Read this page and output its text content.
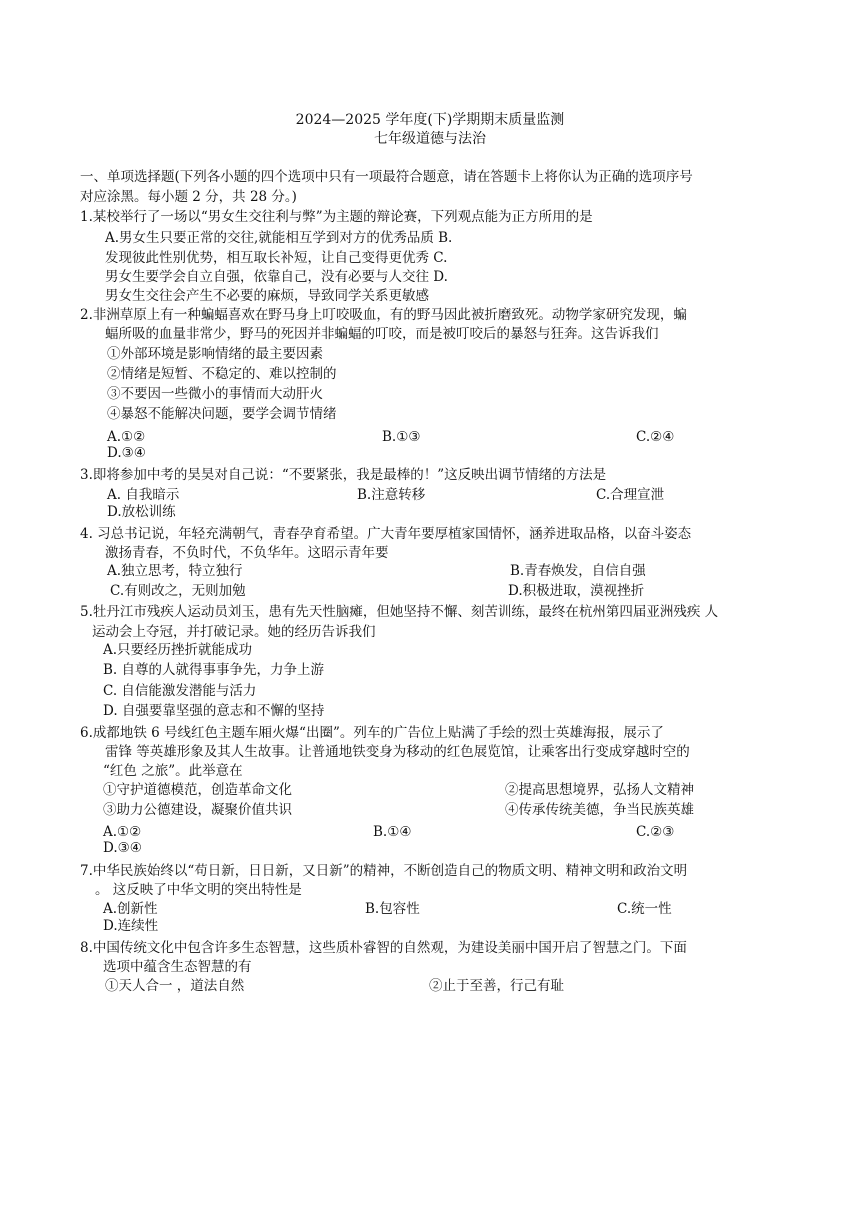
2024—2025 学年度(下)学期期末质量监测
七年级道德与法治
一、单项选择题(下列各小题的四个选项中只有一项最符合题意，请在答题卡上将你认为正确的选项序号
对应涂黑。每小题 2 分，共 28 分。)
1.某校举行了一场以“男女生交往利与弊”为主题的辩论赛，下列观点能为正方所用的是
A.男女生只要正常的交往,就能相互学到对方的优秀品质 B.
发现彼此性别优势，相互取长补短，让自己变得更优秀 C.
男女生要学会自立自强，依靠自己，没有必要与人交往 D.
男女生交往会产生不必要的麻烦，导致同学关系更敏感
2.非洲草原上有一种蝙蝠喜欢在野马身上叮咬吸血，有的野马因此被折磨致死。动物学家研究发现，蝙
蝠所吸的血量非常少，野马的死因并非蝙蝠的叮咬，而是被叮咬后的暴怒与狂奔。这告诉我们
①外部环境是影响情绪的最主要因素
②情绪是短暂、不稳定的、难以控制的
③不要因一些微小的事情而大动肝火
④暴怒不能解决问题，要学会调节情绪
A.①②	B.①③	C.②④
D.③④
3.即将参加中考的昊昊对自己说：“不要紧张，我是最棒的！”这反映出调节情绪的方法是
A. 自我暗示	B.注意转移	C.合理宣泄
D.放松训练
4. 习总书记说，年轻充满朝气，青春孕育希望。广大青年要厚植家国情怀，涵养进取品格，以奋斗姿态
激扬青春，不负时代，不负华年。这昭示青年要
A.独立思考，特立独行	B.青春焕发，自信自强
C.有则改之，无则加勉	D.积极进取，漠视挫折
5.牡丹江市残疾人运动员刘玉，患有先天性脑瘫，但她坚持不懈、刻苦训练，最终在杭州第四届亚洲残疾 人
运动会上夺冠，并打破记录。她的经历告诉我们
A.只要经历挫折就能成功
B. 自尊的人就得事事争先，力争上游
C. 自信能激发潜能与活力
D. 自强要靠坚强的意志和不懈的坚持
6.成都地铁 6 号线红色主题车厢火爆“出圈”。列车的广告位上贴满了手绘的烈士英雄海报，展示了
雷锋 等英雄形象及其人生故事。让普通地铁变身为移动的红色展览馆，让乘客出行变成穿越时空的
“红色 之旅”。此举意在
①守护道德模范，创造革命文化	②提高思想境界，弘扬人文精神
③助力公德建设，凝聚价值共识	④传承传统美德，争当民族英雄
A.①②	B.①④	C.②③
D.③④
7.中华民族始终以“苟日新，日日新，又日新”的精神，不断创造自己的物质文明、精神文明和政治文明
。 这反映了中华文明的突出特性是
A.创新性	B.包容性	C.统一性
D.连续性
8.中国传统文化中包含许多生态智慧，这些质朴睿智的自然观，为建设美丽中国开启了智慧之门。下面
选项中蕴含生态智慧的有
①天人合一 ，道法自然	②止于至善，行己有耻
